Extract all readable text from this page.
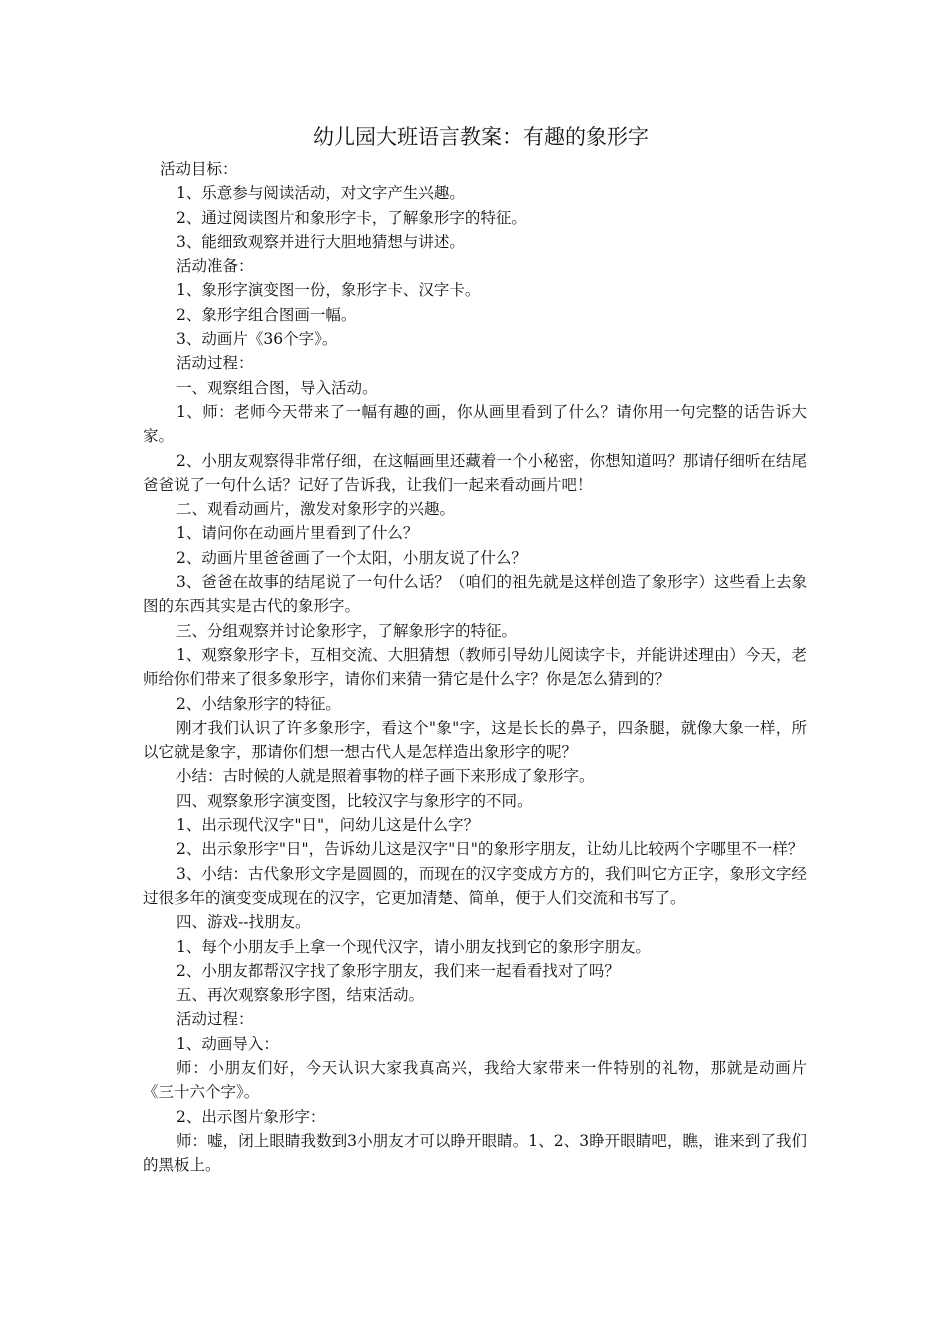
幼儿园大班语言教案：有趣的象形字

活动目标：

1、乐意参与阅读活动，对文字产生兴趣。

2、通过阅读图片和象形字卡，了解象形字的特征。

3、能细致观察并进行大胆地猜想与讲述。

活动准备：

1、象形字演变图一份，象形字卡、汉字卡。

2、象形字组合图画一幅。

3、动画片《36个字》。

活动过程：

一、观察组合图，导入活动。

1、师：老师今天带来了一幅有趣的画，你从画里看到了什么？请你用一句完整的话告诉大家。

2、小朋友观察得非常仔细，在这幅画里还藏着一个小秘密，你想知道吗？那请仔细听在结尾爸爸说了一句什么话？记好了告诉我，让我们一起来看动画片吧！

二、观看动画片，激发对象形字的兴趣。

1、请问你在动画片里看到了什么？

2、动画片里爸爸画了一个太阳，小朋友说了什么？

3、爸爸在故事的结尾说了一句什么话？（咱们的祖先就是这样创造了象形字）这些看上去象图的东西其实是古代的象形字。

三、分组观察并讨论象形字，了解象形字的特征。

1、观察象形字卡，互相交流、大胆猜想（教师引导幼儿阅读字卡，并能讲述理由）今天，老师给你们带来了很多象形字，请你们来猜一猜它是什么字？你是怎么猜到的？

2、小结象形字的特征。

刚才我们认识了许多象形字，看这个"象"字，这是长长的鼻子，四条腿，就像大象一样，所以它就是象字，那请你们想一想古代人是怎样造出象形字的呢？

小结：古时候的人就是照着事物的样子画下来形成了象形字。

四、观察象形字演变图，比较汉字与象形字的不同。

1、出示现代汉字"日"，问幼儿这是什么字？

2、出示象形字"日"，告诉幼儿这是汉字"日"的象形字朋友，让幼儿比较两个字哪里不一样？

3、小结：古代象形文字是圆圆的，而现在的汉字变成方方的，我们叫它方正字，象形文字经过很多年的演变变成现在的汉字，它更加清楚、简单，便于人们交流和书写了。

四、游戏--找朋友。

1、每个小朋友手上拿一个现代汉字，请小朋友找到它的象形字朋友。

2、小朋友都帮汉字找了象形字朋友，我们来一起看看找对了吗？

五、再次观察象形字图，结束活动。

活动过程：

1、动画导入：

师：小朋友们好，今天认识大家我真高兴，我给大家带来一件特别的礼物，那就是动画片《三十六个字》。

2、出示图片象形字：

师：嘘，闭上眼睛我数到3小朋友才可以睁开眼睛。1、2、3睁开眼睛吧，瞧，谁来到了我们的黑板上。
